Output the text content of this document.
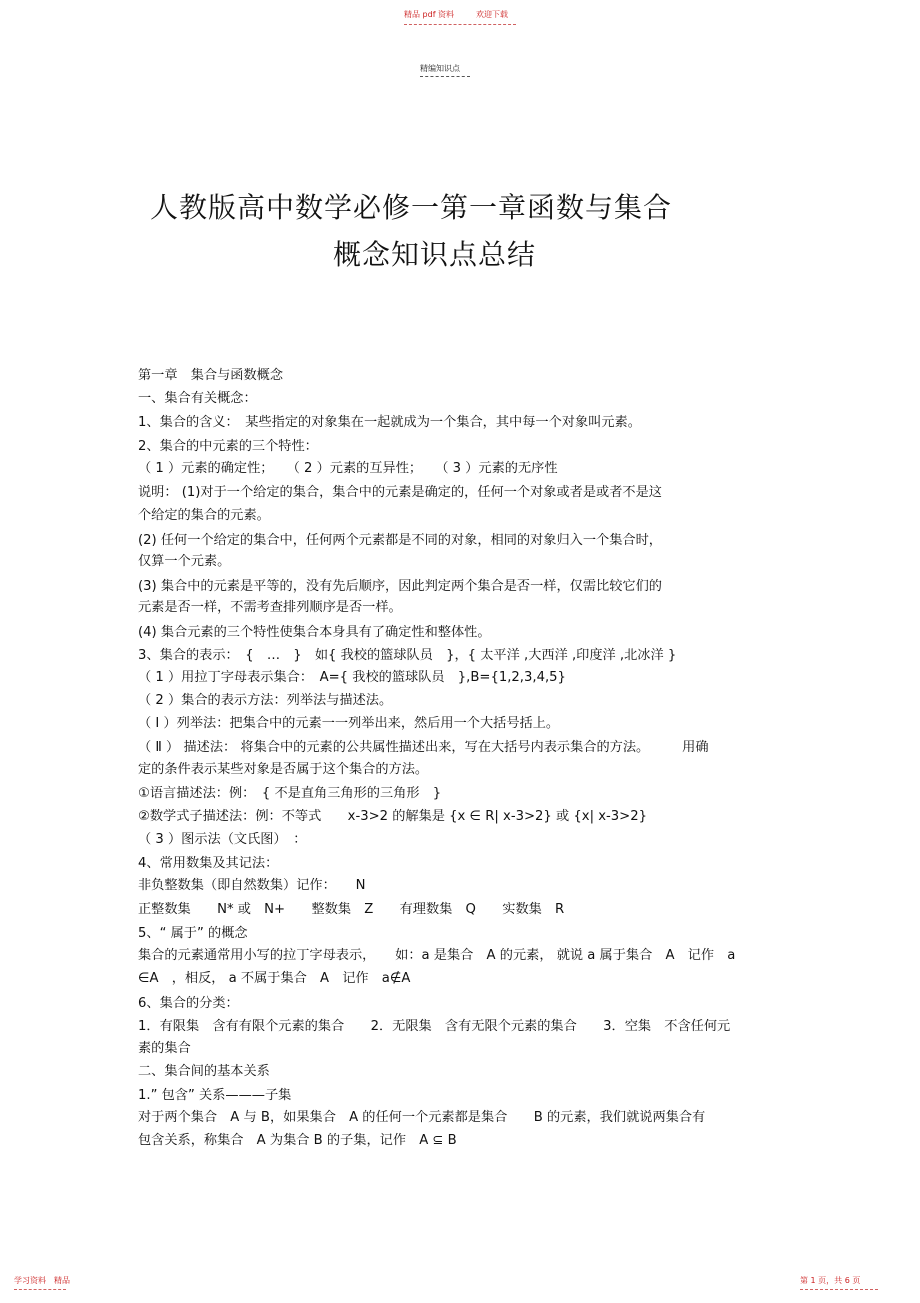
精品 pdf 资料	欢迎下载
精编知识点
人教版高中数学必修一第一章函数与集合
概念知识点总结
第一章　集合与函数概念
一、集合有关概念：
1、集合的含义：　某些指定的对象集在一起就成为一个集合，其中每一个对象叫元素。
2、集合的中元素的三个特性：
（ 1 ）元素的确定性；　　（ 2 ）元素的互异性；　　（ 3 ）元素的无序性
说明： (1)对于一个给定的集合，集合中的元素是确定的，任何一个对象或者是或者不是这
个给定的集合的元素。
(2) 任何一个给定的集合中，任何两个元素都是不同的对象，相同的对象归入一个集合时，
仅算一个元素。
(3) 集合中的元素是平等的，没有先后顺序，因此判定两个集合是否一样，仅需比较它们的
元素是否一样，不需考查排列顺序是否一样。
(4) 集合元素的三个特性使集合本身具有了确定性和整体性。
3、集合的表示：　{　…　}　如{ 我校的篮球队员　}，{ 太平洋 ,大西洋 ,印度洋 ,北冰洋 }
（ 1 ）用拉丁字母表示集合：　A={ 我校的篮球队员　},B={1,2,3,4,5}
（ 2 ）集合的表示方法：列举法与描述法。
（ Ⅰ ）列举法：把集合中的元素一一列举出来，然后用一个大括号括上。
（ Ⅱ ） 描述法： 将集合中的元素的公共属性描述出来，写在大括号内表示集合的方法。　　　用确
定的条件表示某些对象是否属于这个集合的方法。
①语言描述法：例：　{ 不是直角三角形的三角形　}
②数学式子描述法：例：不等式　　x-3>2 的解集是 {x ∈ R| x-3>2} 或 {x| x-3>2}
（ 3 ）图示法（文氏图）　：
4、常用数集及其记法：
非负整数集（即自然数集）记作：　　N
正整数集　　N* 或　N+　　整数集　Z　　有理数集　Q　　实数集　R
5、“ 属于” 的概念
集合的元素通常用小写的拉丁字母表示，　　如：a 是集合　A 的元素， 就说 a 属于集合　A　记作　a
∈A　，相反， a 不属于集合　A　记作　a∉A
6、集合的分类：
1．有限集　含有有限个元素的集合　　2．无限集　含有无限个元素的集合　　3．空集　不含任何元
素的集合
二、集合间的基本关系
1.” 包含” 关系———子集
对于两个集合　A 与 B，如果集合　A 的任何一个元素都是集合　　B 的元素，我们就说两集合有
包含关系，称集合　A 为集合 B 的子集，记作　A ⊆ B
学习资料　精品	第 1 页，共 6 页
